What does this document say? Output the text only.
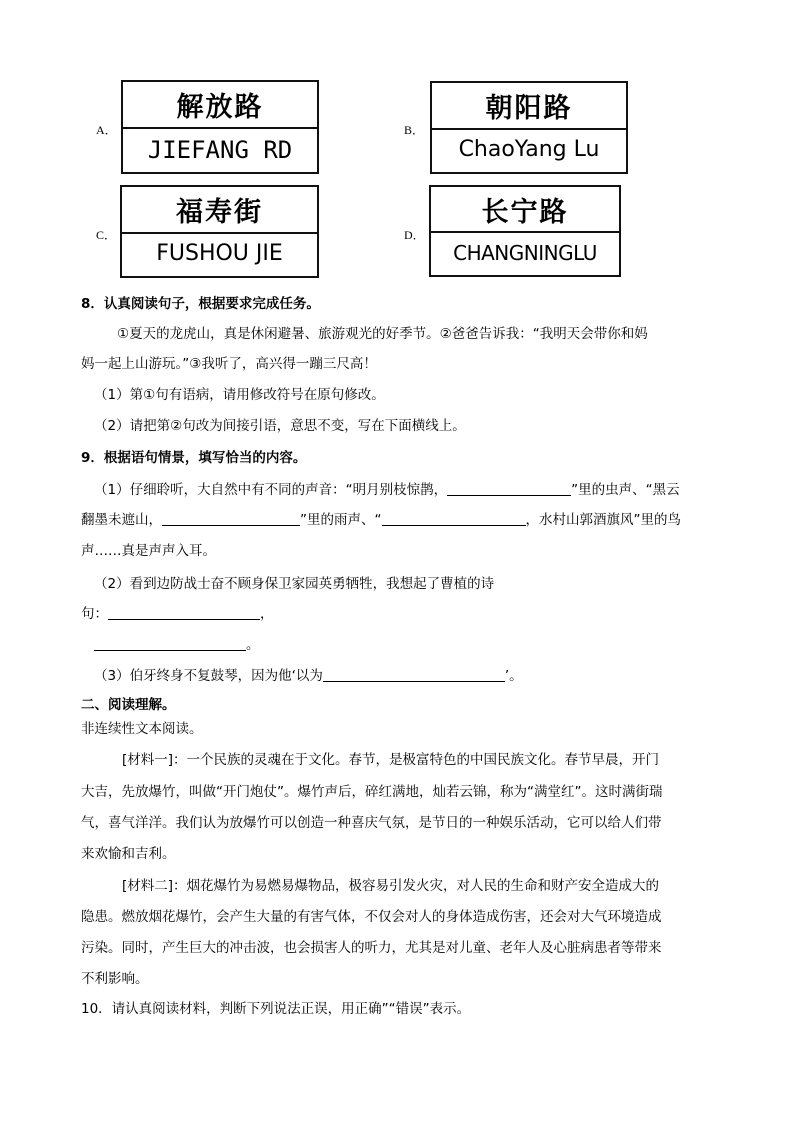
A．
解放路
JIEFANG RD
B．
朝阳路
ChaoYang Lu
C．
福寿街
FUSHOU JIE
D．
长宁路
CHANGNINGLU
8．认真阅读句子，根据要求完成任务。
①夏天的龙虎山，真是休闲避暑、旅游观光的好季节。②爸爸告诉我：“我明天会带你和妈
妈一起上山游玩。”③我听了，高兴得一蹦三尺高！
（1）第①句有语病，请用修改符号在原句修改。
（2）请把第②句改为间接引语，意思不变，写在下面横线上。
9．根据语句情景，填写恰当的内容。
（1）仔细聆听，大自然中有不同的声音：“明月别枝惊鹊，	”里的虫声、“黑云
翻墨未遮山，	”里的雨声、“	，水村山郭酒旗风”里的鸟
声……真是声声入耳。
（2）看到边防战士奋不顾身保卫家园英勇牺牲，我想起了曹植的诗
句：	，
。
（3）伯牙终身不复鼓琴，因为他‘以为	’。
二、阅读理解。
非连续性文本阅读。
[材料一]：一个民族的灵魂在于文化。春节，是极富特色的中国民族文化。春节早晨，开门
大吉，先放爆竹，叫做“开门炮仗”。爆竹声后，碎红满地，灿若云锦，称为“满堂红”。这时满街瑞
气，喜气洋洋。我们认为放爆竹可以创造一种喜庆气氛，是节日的一种娱乐活动，它可以给人们带
来欢愉和吉利。
[材料二]：烟花爆竹为易燃易爆物品，极容易引发火灾，对人民的生命和财产安全造成大的
隐患。燃放烟花爆竹，会产生大量的有害气体，不仅会对人的身体造成伤害，还会对大气环境造成
污染。同时，产生巨大的冲击波，也会损害人的听力，尤其是对儿童、老年人及心脏病患者等带来
不利影响。
10．请认真阅读材料，判断下列说法正误，用正确”“错误”表示。
